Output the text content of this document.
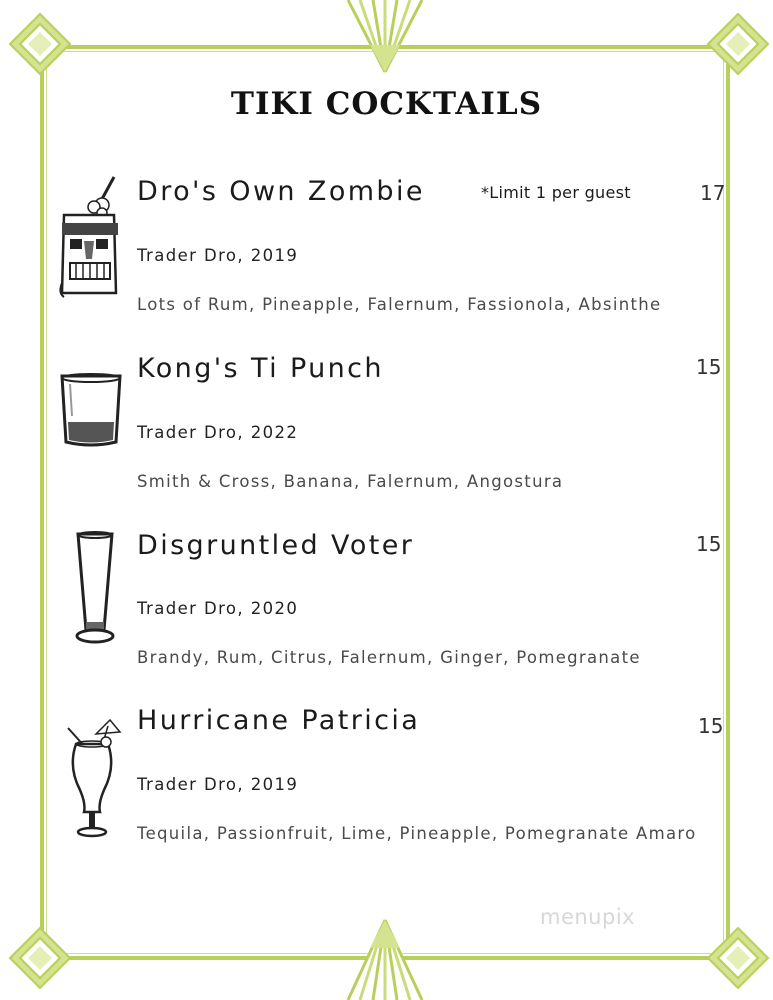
TIKI COCKTAILS
Dro's Own Zombie	*Limit 1 per guest	17
Trader Dro, 2019
Lots of Rum, Pineapple, Falernum, Fassionola, Absinthe
Kong's Ti Punch	15
Trader Dro, 2022
Smith & Cross, Banana, Falernum, Angostura
Disgruntled Voter	15
Trader Dro, 2020
Brandy, Rum, Citrus, Falernum, Ginger, Pomegranate
Hurricane Patricia	15
Trader Dro, 2019
Tequila, Passionfruit, Lime, Pineapple, Pomegranate Amaro
menupix
